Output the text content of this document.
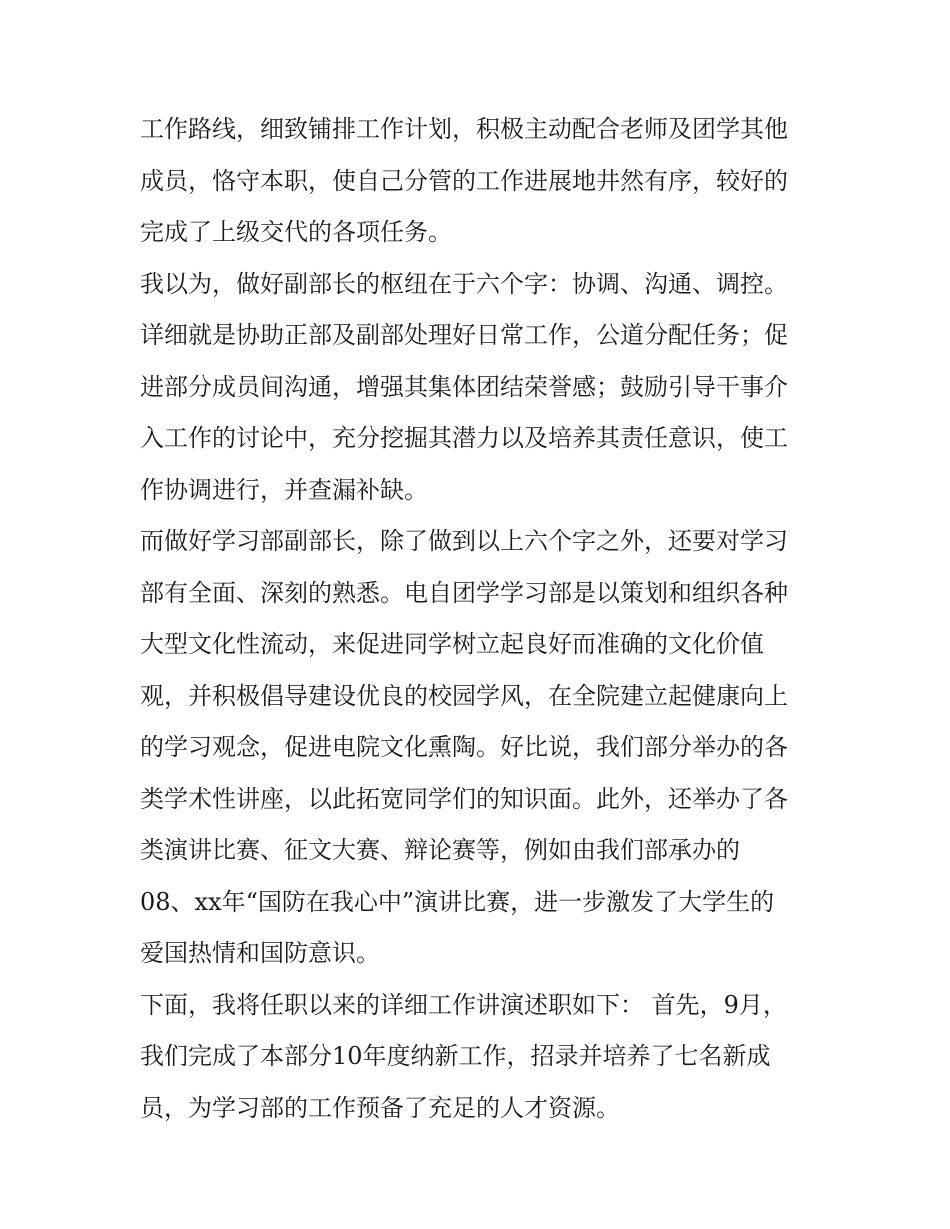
工作路线，细致铺排工作计划，积极主动配合老师及团学其他
成员，恪守本职，使自己分管的工作进展地井然有序，较好的
完成了上级交代的各项任务。
我以为，做好副部长的枢纽在于六个字：协调、沟通、调控。
详细就是协助正部及副部处理好日常工作，公道分配任务；促
进部分成员间沟通，增强其集体团结荣誉感；鼓励引导干事介
入工作的讨论中，充分挖掘其潜力以及培养其责任意识，使工
作协调进行，并查漏补缺。
而做好学习部副部长，除了做到以上六个字之外，还要对学习
部有全面、深刻的熟悉。电自团学学习部是以策划和组织各种
大型文化性流动，来促进同学树立起良好而准确的文化价值
观，并积极倡导建设优良的校园学风，在全院建立起健康向上
的学习观念，促进电院文化熏陶。好比说，我们部分举办的各
类学术性讲座，以此拓宽同学们的知识面。此外，还举办了各
类演讲比赛、征文大赛、辩论赛等，例如由我们部承办的
08、xx年“国防在我心中”演讲比赛，进一步激发了大学生的
爱国热情和国防意识。
下面，我将任职以来的详细工作讲演述职如下： 首先，9月，
我们完成了本部分10年度纳新工作，招录并培养了七名新成
员，为学习部的工作预备了充足的人才资源。
